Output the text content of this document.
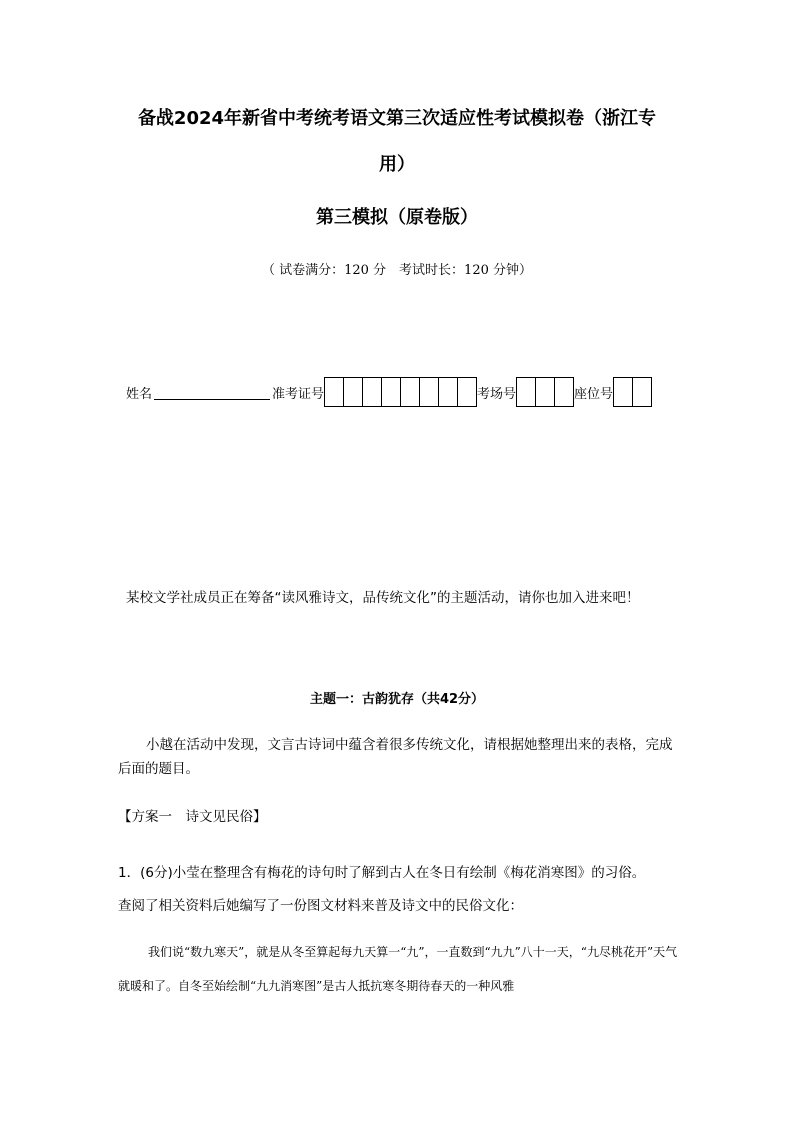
备战2024年新省中考统考语文第三次适应性考试模拟卷（浙江专
用）
第三模拟（原卷版）
（ 试卷满分：120 分　考试时长：120 分钟）
姓名	准考证号	考场号	座位号
某校文学社成员正在筹备“读风雅诗文，品传统文化”的主题活动，请你也加入进来吧！
主题一：古韵犹存（共42分）
小越在活动中发现，文言古诗词中蕴含着很多传统文化，请根据她整理出来的表格，完成后面的题目。
【方案一　诗文见民俗】
1．(6分)小莹在整理含有梅花的诗句时了解到古人在冬日有绘制《梅花消寒图》的习俗。
查阅了相关资料后她编写了一份图文材料来普及诗文中的民俗文化：
我们说“数九寒天”，就是从冬至算起每九天算一“九”，一直数到“九九”八十一天，“九尽桃花开”天气就暖和了。自冬至始绘制“九九消寒图”是古人抵抗寒冬期待春天的一种风雅
